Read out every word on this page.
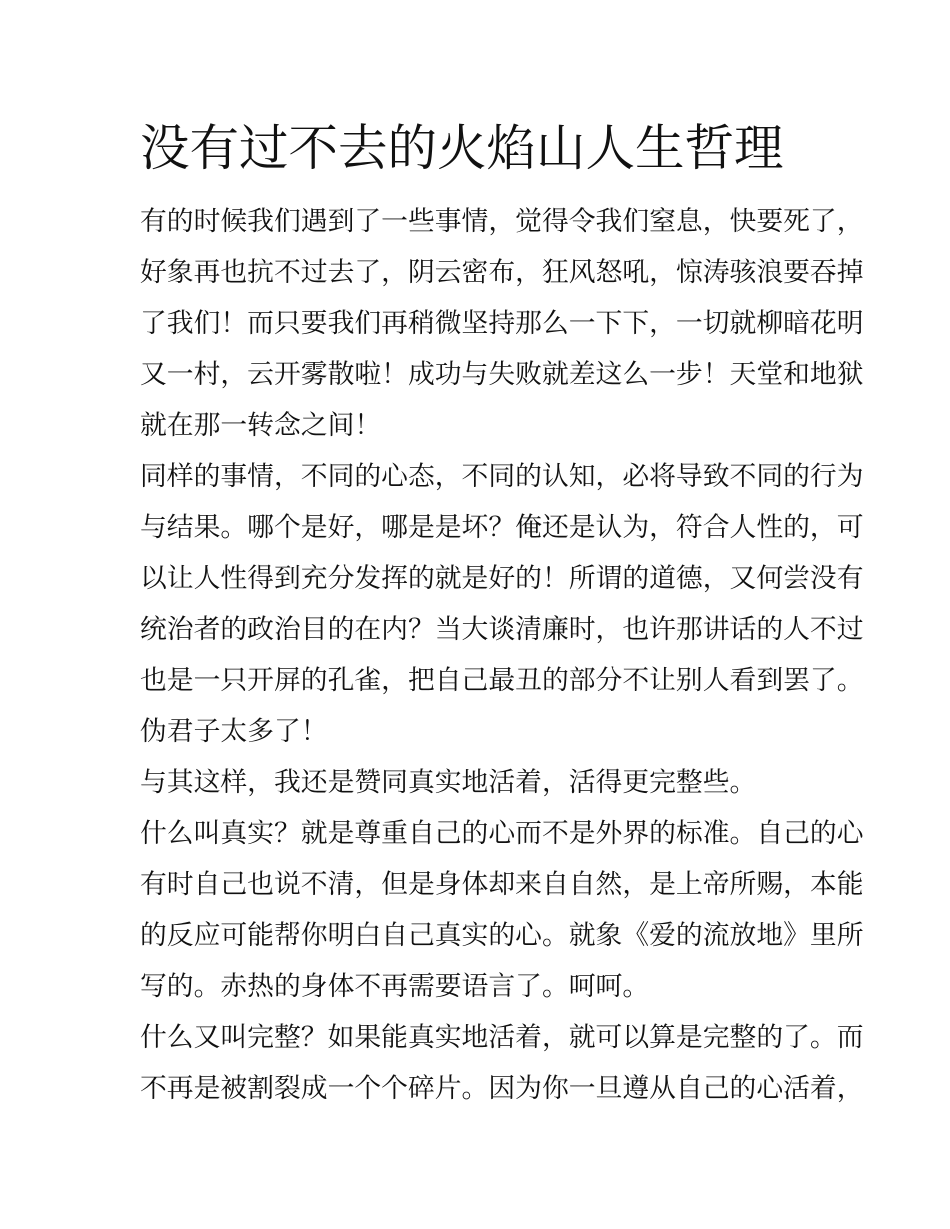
没有过不去的火焰山人生哲理
有的时候我们遇到了一些事情，觉得令我们窒息，快要死了，
好象再也抗不过去了，阴云密布，狂风怒吼，惊涛骇浪要吞掉
了我们！而只要我们再稍微坚持那么一下下，一切就柳暗花明
又一村，云开雾散啦！成功与失败就差这么一步！天堂和地狱
就在那一转念之间！
同样的事情，不同的心态，不同的认知，必将导致不同的行为
与结果。哪个是好，哪是是坏？俺还是认为，符合人性的，可
以让人性得到充分发挥的就是好的！所谓的道德，又何尝没有
统治者的政治目的在内？当大谈清廉时，也许那讲话的人不过
也是一只开屏的孔雀，把自己最丑的部分不让别人看到罢了。
伪君子太多了！
与其这样，我还是赞同真实地活着，活得更完整些。
什么叫真实？就是尊重自己的心而不是外界的标准。自己的心
有时自己也说不清，但是身体却来自自然，是上帝所赐，本能
的反应可能帮你明白自己真实的心。就象《爱的流放地》里所
写的。赤热的身体不再需要语言了。呵呵。
什么又叫完整？如果能真实地活着，就可以算是完整的了。而
不再是被割裂成一个个碎片。因为你一旦遵从自己的心活着，
